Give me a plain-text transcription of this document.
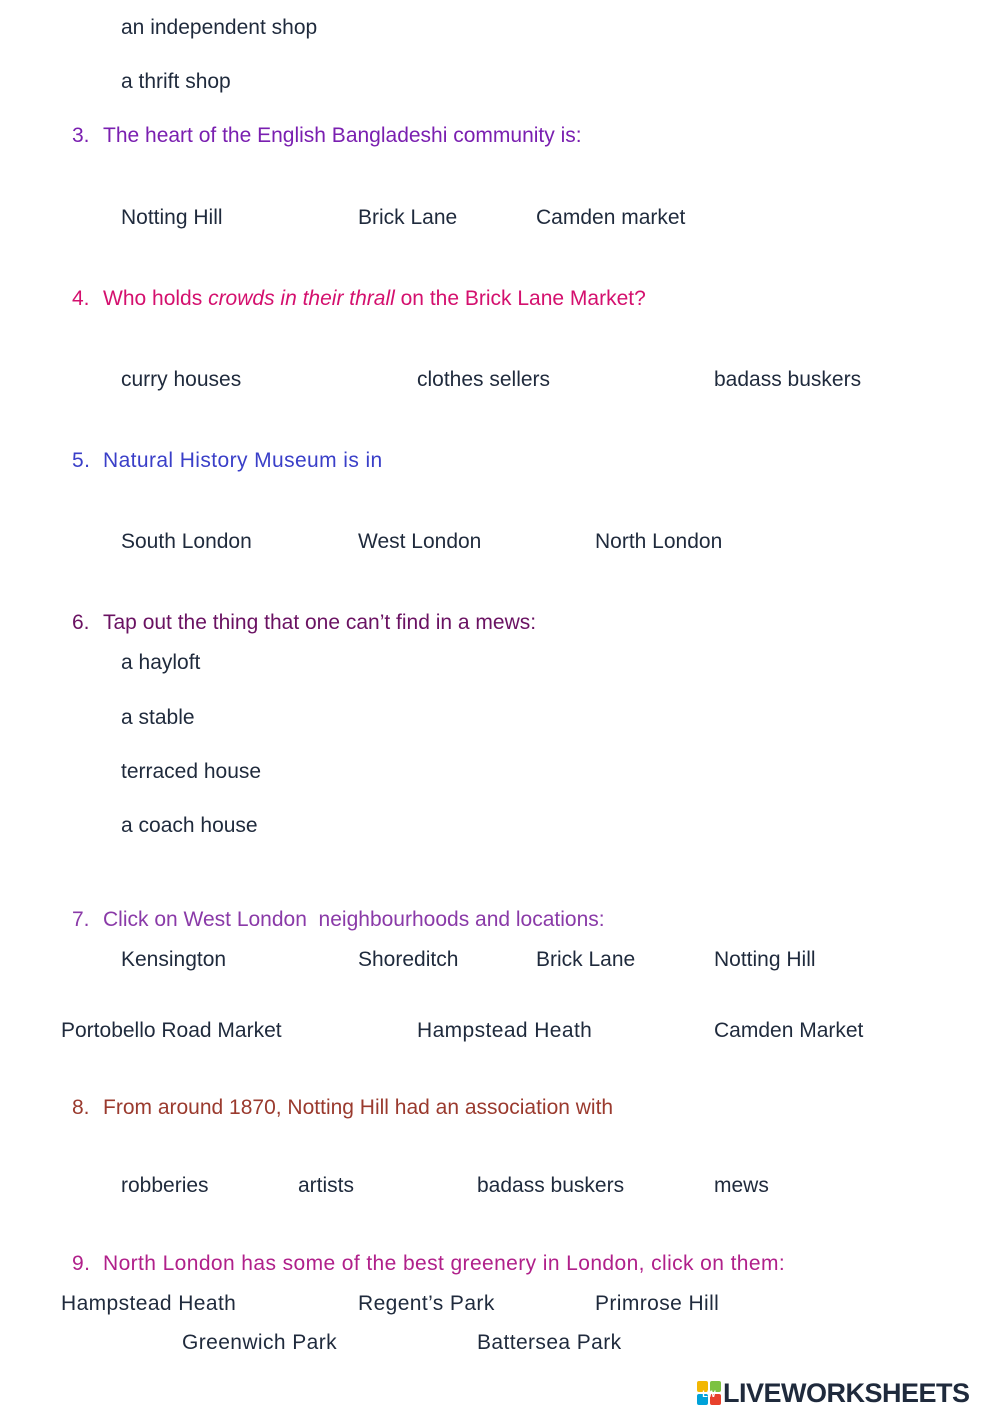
an independent shop
a thrift shop
3. The heart of the English Bangladeshi community is:
Notting Hill	Brick Lane	Camden market
4. Who holds crowds in their thrall on the Brick Lane Market?
curry houses	clothes sellers	badass buskers
5. Natural History Museum is in
South London	West London	North London
6. Tap out the thing that one can’t find in a mews:
a hayloft
a stable
terraced house
a coach house
7. Click on West London  neighbourhoods and locations:
Kensington	Shoreditch	Brick Lane	Notting Hill
Portobello Road Market	Hampstead Heath	Camden Market
8. From around 1870, Notting Hill had an association with
robberies	artists	badass buskers	mews
9. North London has some of the best greenery in London, click on them:
Hampstead Heath	Regent’s Park	Primrose Hill
Greenwich Park	Battersea Park
LW LIVEWORKSHEETS
